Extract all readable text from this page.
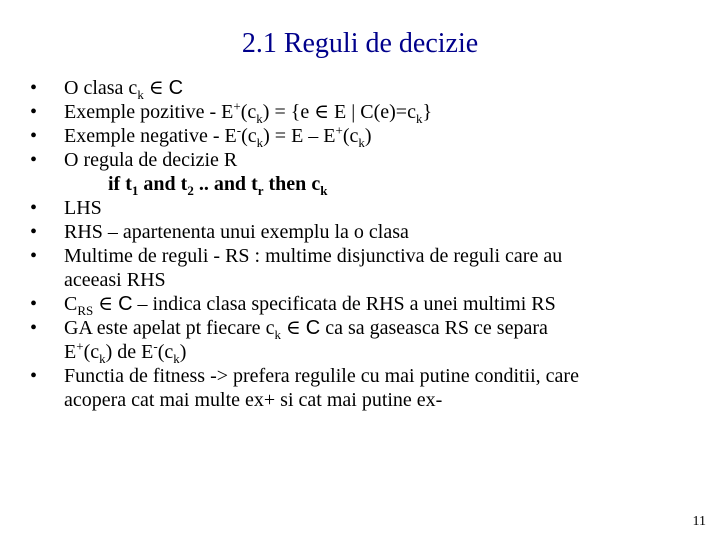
2.1 Reguli de decizie
• O clasa $c_k$ ∈ C
• Exemple pozitive - $E^+(c_k) = \{e$ ∈ E | $C(e)=c_k$}
• Exemple negative - $E^-(c_k) = E - E^+(c_k)$
• O regula de decizie R
if $t_1$ and $t_2$ .. and $t_r$ then $c_k$
• LHS
• RHS – apartenenta unui exemplu la o clasa
• Multime de reguli - RS : multime disjunctiva de reguli care au
aceeasi RHS
• $C_{RS}$ ∈ C – indica clasa specificata de RHS a unei multimi RS
• GA este apelat pt fiecare $c_k$ ∈ C ca sa gaseasca RS ce separa
$E^+(c_k)$ de $E^-(c_k)$
• Functia de fitness -> prefera regulile cu mai putine conditii, care
acopera cat mai multe ex+ si cat mai putine ex-
11
